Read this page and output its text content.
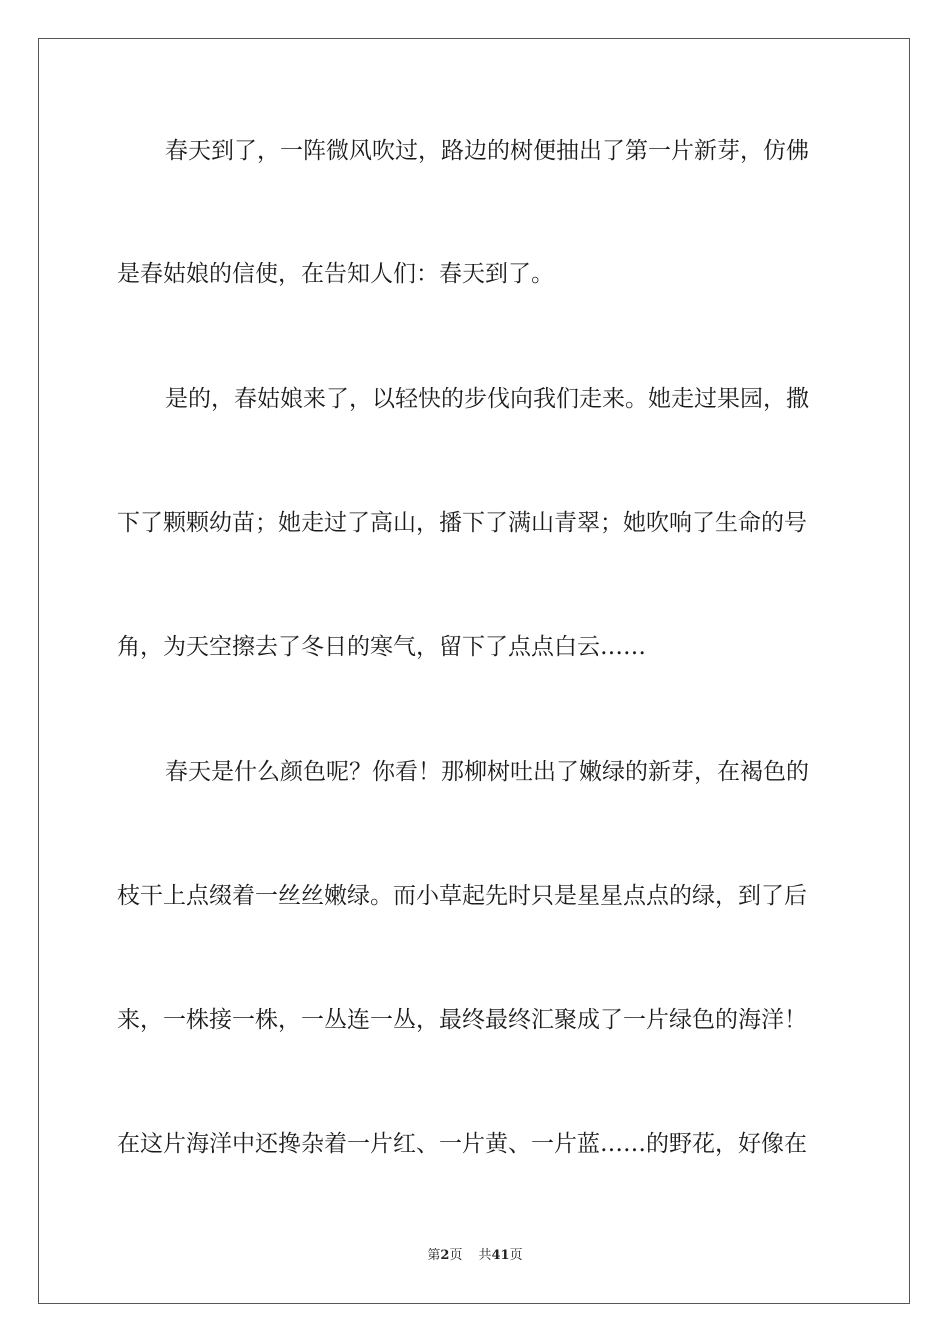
春天到了，一阵微风吹过，路边的树便抽出了第一片新芽，仿佛
是春姑娘的信使，在告知人们：春天到了。
是的，春姑娘来了，以轻快的步伐向我们走来。她走过果园，撒
下了颗颗幼苗；她走过了高山，播下了满山青翠；她吹响了生命的号
角，为天空擦去了冬日的寒气，留下了点点白云……
春天是什么颜色呢？你看！那柳树吐出了嫩绿的新芽，在褐色的
枝干上点缀着一丝丝嫩绿。而小草起先时只是星星点点的绿，到了后
来，一株接一株，一丛连一丛，最终最终汇聚成了一片绿色的海洋！
在这片海洋中还搀杂着一片红、一片黄、一片蓝……的野花，好像在
第2页 共41页
